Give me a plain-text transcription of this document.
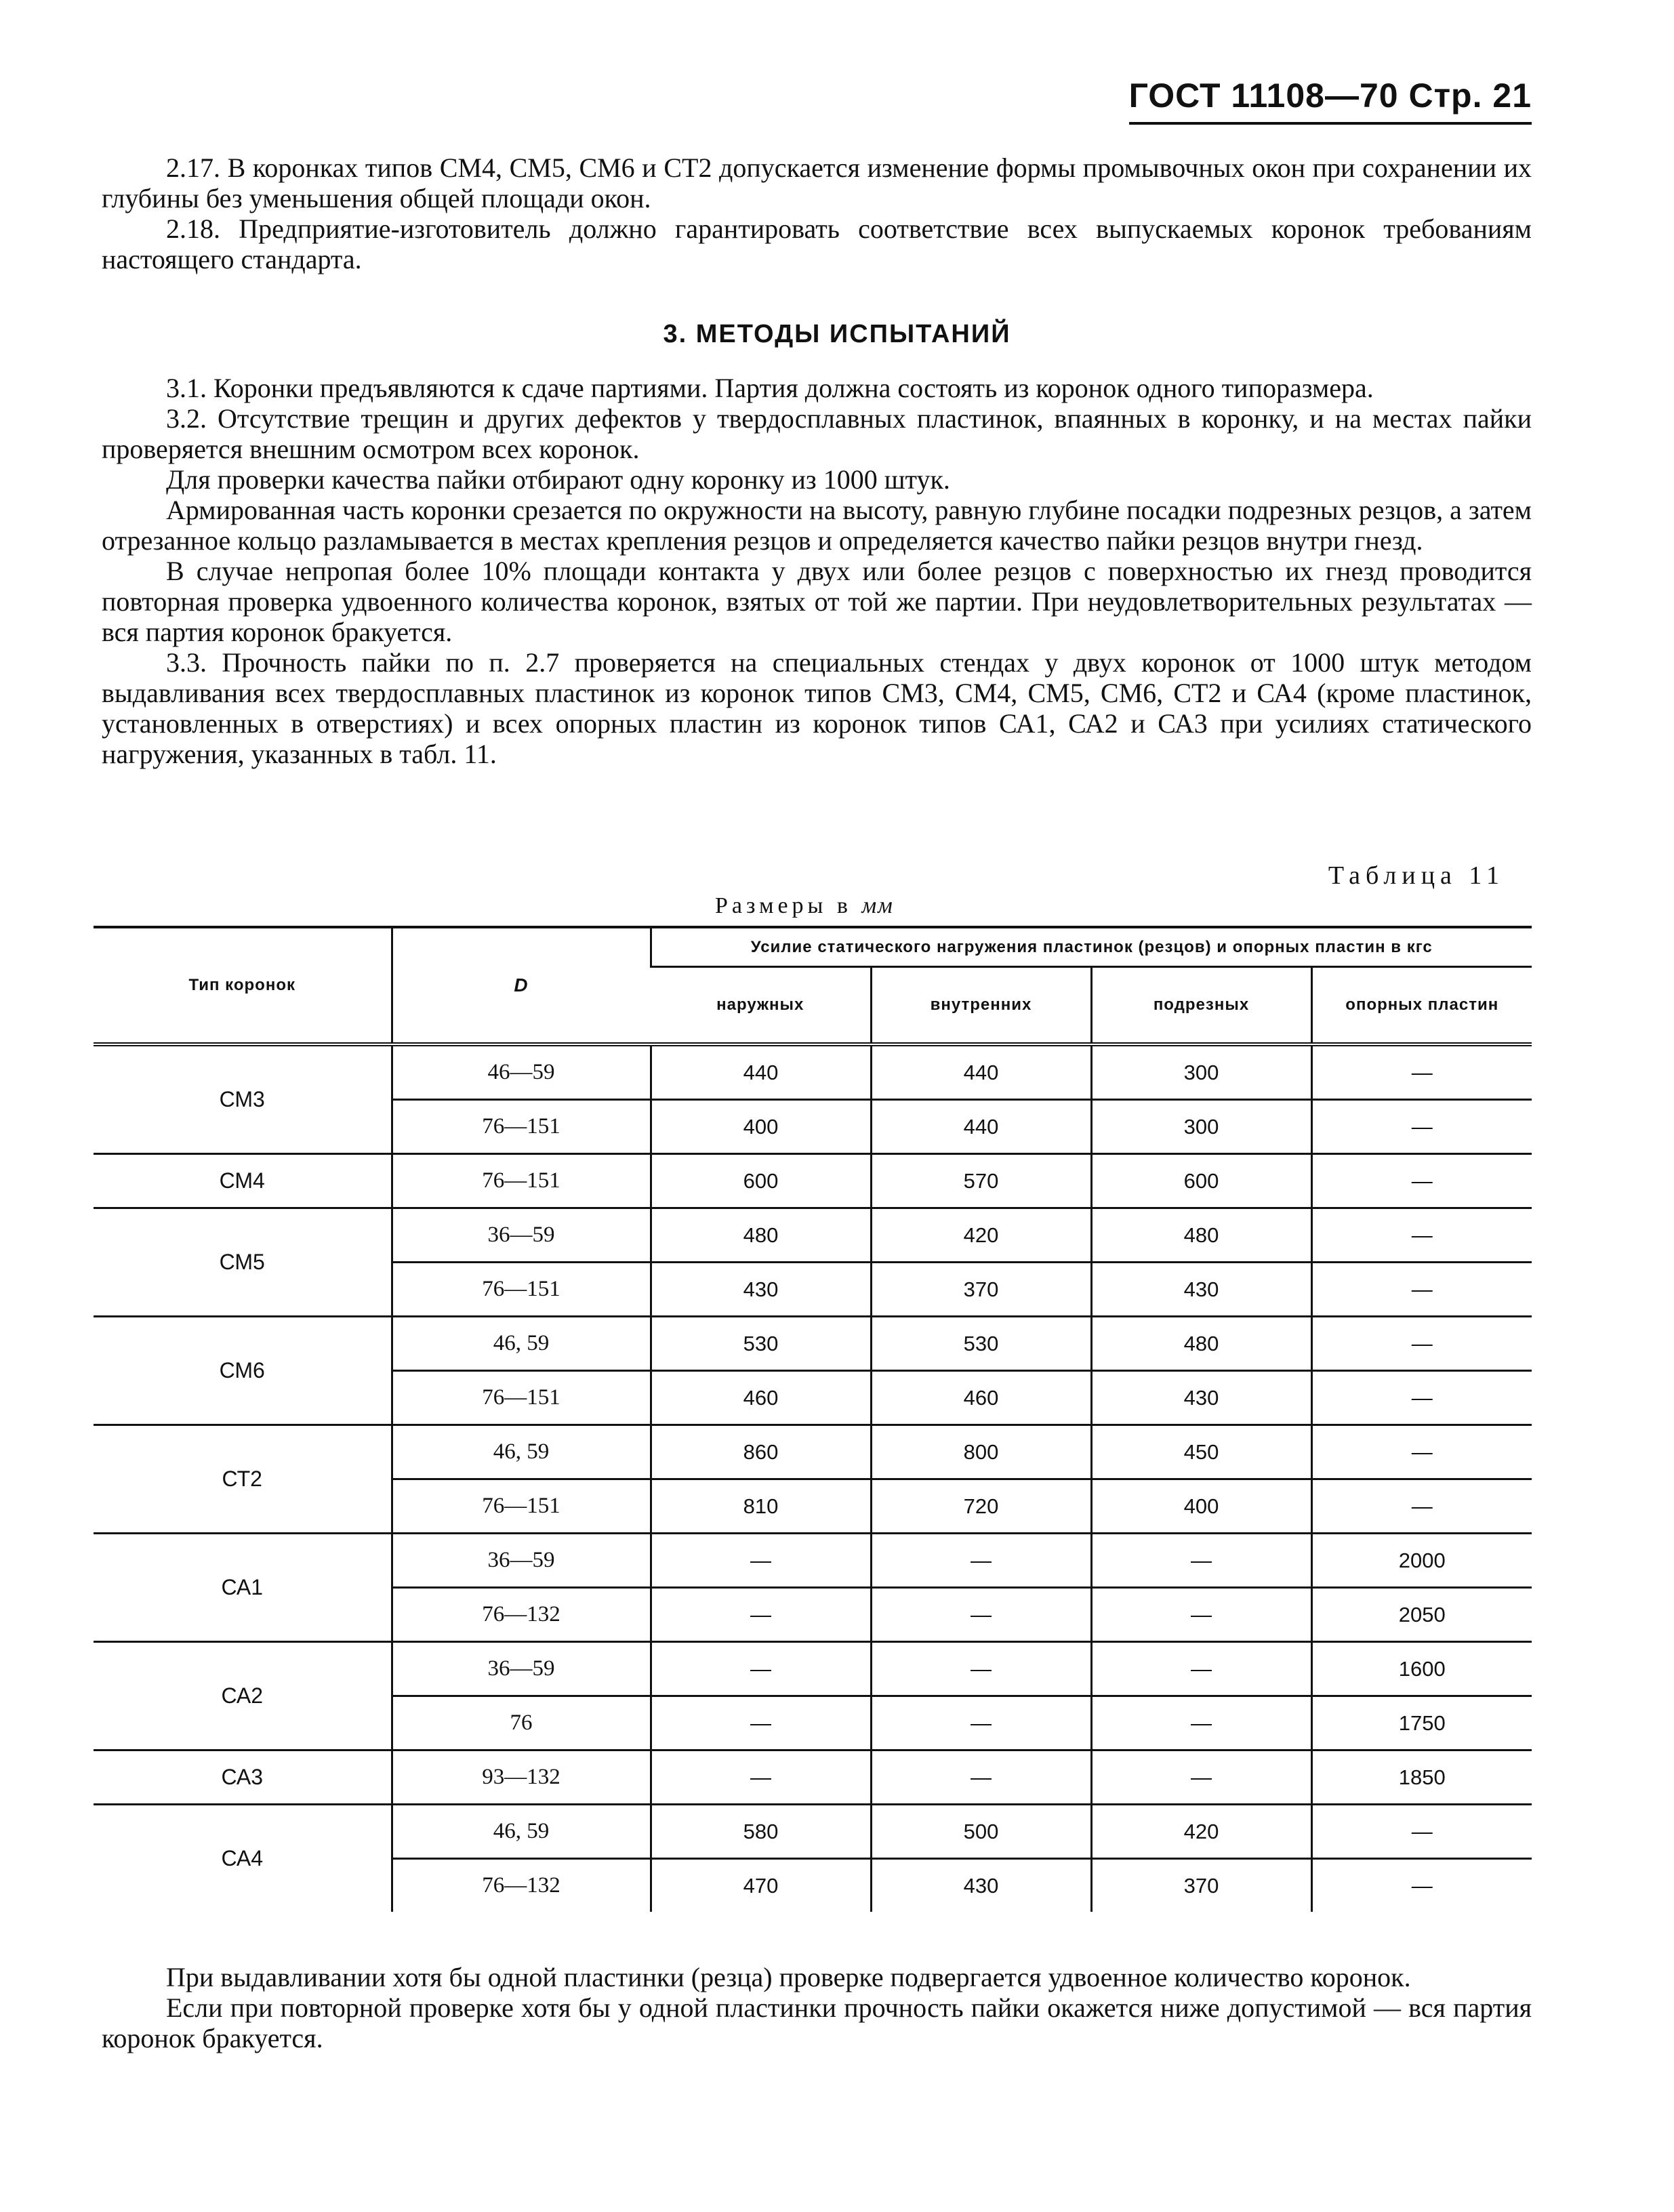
ГОСТ 11108—70 Стр. 21

2.17. В коронках типов СМ4, СМ5, СМ6 и СТ2 допускается изменение формы промывочных окон при сохранении их глубины без уменьшения общей площади окон.

2.18. Предприятие-изготовитель должно гарантировать соответствие всех выпускаемых коронок требованиям настоящего стандарта.

3. МЕТОДЫ ИСПЫТАНИЙ

3.1. Коронки предъявляются к сдаче партиями. Партия должна состоять из коронок одного типоразмера.

3.2. Отсутствие трещин и других дефектов у твердосплавных пластинок, впаянных в коронку, и на местах пайки проверяется внешним осмотром всех коронок.

Для проверки качества пайки отбирают одну коронку из 1000 штук.

Армированная часть коронки срезается по окружности на высоту, равную глубине посадки подрезных резцов, а затем отрезанное кольцо разламывается в местах крепления резцов и определяется качество пайки резцов внутри гнезд.

В случае непропая более 10% площади контакта у двух или более резцов с поверхностью их гнезд проводится повторная проверка удвоенного количества коронок, взятых от той же партии. При неудовлетворительных результатах — вся партия коронок бракуется.

3.3. Прочность пайки по п. 2.7 проверяется на специальных стендах у двух коронок от 1000 штук методом выдавливания всех твердосплавных пластинок из коронок типов СМ3, СМ4, СМ5, СМ6, СТ2 и СА4 (кроме пластинок, установленных в отверстиях) и всех опорных пластин из коронок типов СА1, СА2 и СА3 при усилиях статического нагружения, указанных в табл. 11.

Таблица 11
Размеры в мм
Тип коронок	D	Усилие статического нагружения пластинок (резцов) и опорных пластин в кгс			
		наружных	внутренних	подрезных	опорных пластин
СМ3	46—59	440	440	300	—
	76—151	400	440	300	—
СМ4	76—151	600	570	600	—
СМ5	36—59	480	420	480	—
	76—151	430	370	430	—
СМ6	46, 59	530	530	480	—
	76—151	460	460	430	—
СТ2	46, 59	860	800	450	—
	76—151	810	720	400	—
СА1	36—59	—	—	—	2000
	76—132	—	—	—	2050
СА2	36—59	—	—	—	1600
	76	—	—	—	1750
СА3	93—132	—	—	—	1850
СА4	46, 59	580	500	420	—
	76—132	470	430	370	—

При выдавливании хотя бы одной пластинки (резца) проверке подвергается удвоенное количество коронок.

Если при повторной проверке хотя бы у одной пластинки прочность пайки окажется ниже допустимой — вся партия коронок бракуется.
